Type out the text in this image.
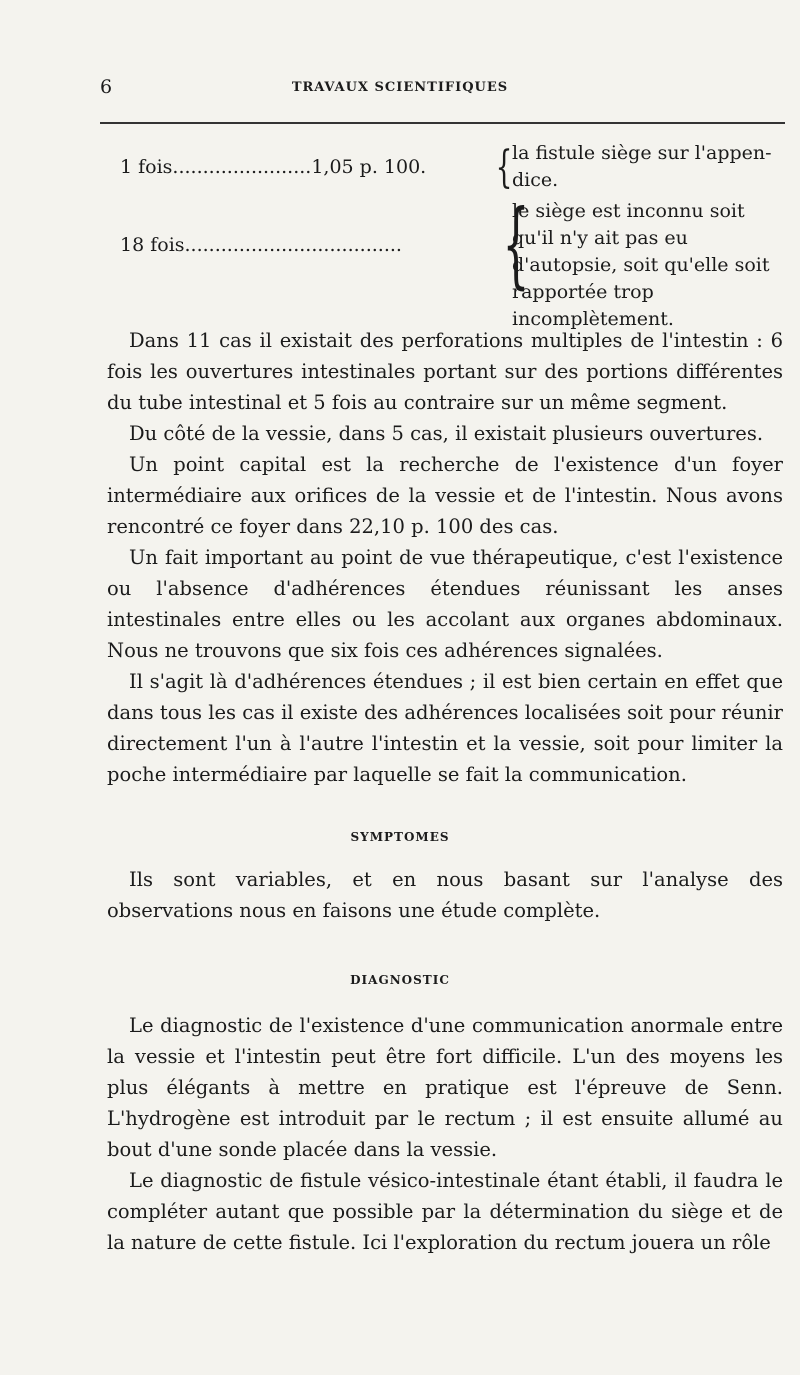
6	TRAVAUX SCIENTIFIQUES
1 fois.......................1,05 p. 100. { la fistule siège sur l'appen- dice.
18 fois.................................... {
le siège est inconnu soit qu'il n'y ait pas eu d'autopsie, soit qu'elle soit rapportée trop incomplètement.

Dans 11 cas il existait des perforations multiples de l'intestin : 6 fois les ouvertures intestinales portant sur des portions différentes du tube intestinal et 5 fois au contraire sur un même segment.

Du côté de la vessie, dans 5 cas, il existait plusieurs ouvertures.

Un point capital est la recherche de l'existence d'un foyer intermédiaire aux orifices de la vessie et de l'intestin. Nous avons rencontré ce foyer dans 22,10 p. 100 des cas.

Un fait important au point de vue thérapeutique, c'est l'existence ou l'absence d'adhérences étendues réunissant les anses intestinales entre elles ou les accolant aux organes abdominaux. Nous ne trouvons que six fois ces adhérences signalées.

Il s'agit là d'adhérences étendues ; il est bien certain en effet que dans tous les cas il existe des adhérences localisées soit pour réunir directement l'un à l'autre l'intestin et la vessie, soit pour limiter la poche intermédiaire par laquelle se fait la communication.

SYMPTOMES

Ils sont variables, et en nous basant sur l'analyse des observations nous en faisons une étude complète.

DIAGNOSTIC

Le diagnostic de l'existence d'une communication anormale entre la vessie et l'intestin peut être fort difficile. L'un des moyens les plus élégants à mettre en pratique est l'épreuve de Senn. L'hydrogène est introduit par le rectum ; il est ensuite allumé au bout d'une sonde placée dans la vessie.

Le diagnostic de fistule vésico-intestinale étant établi, il faudra le compléter autant que possible par la détermination du siège et de la nature de cette fistule. Ici l'exploration du rectum jouera un rôle
